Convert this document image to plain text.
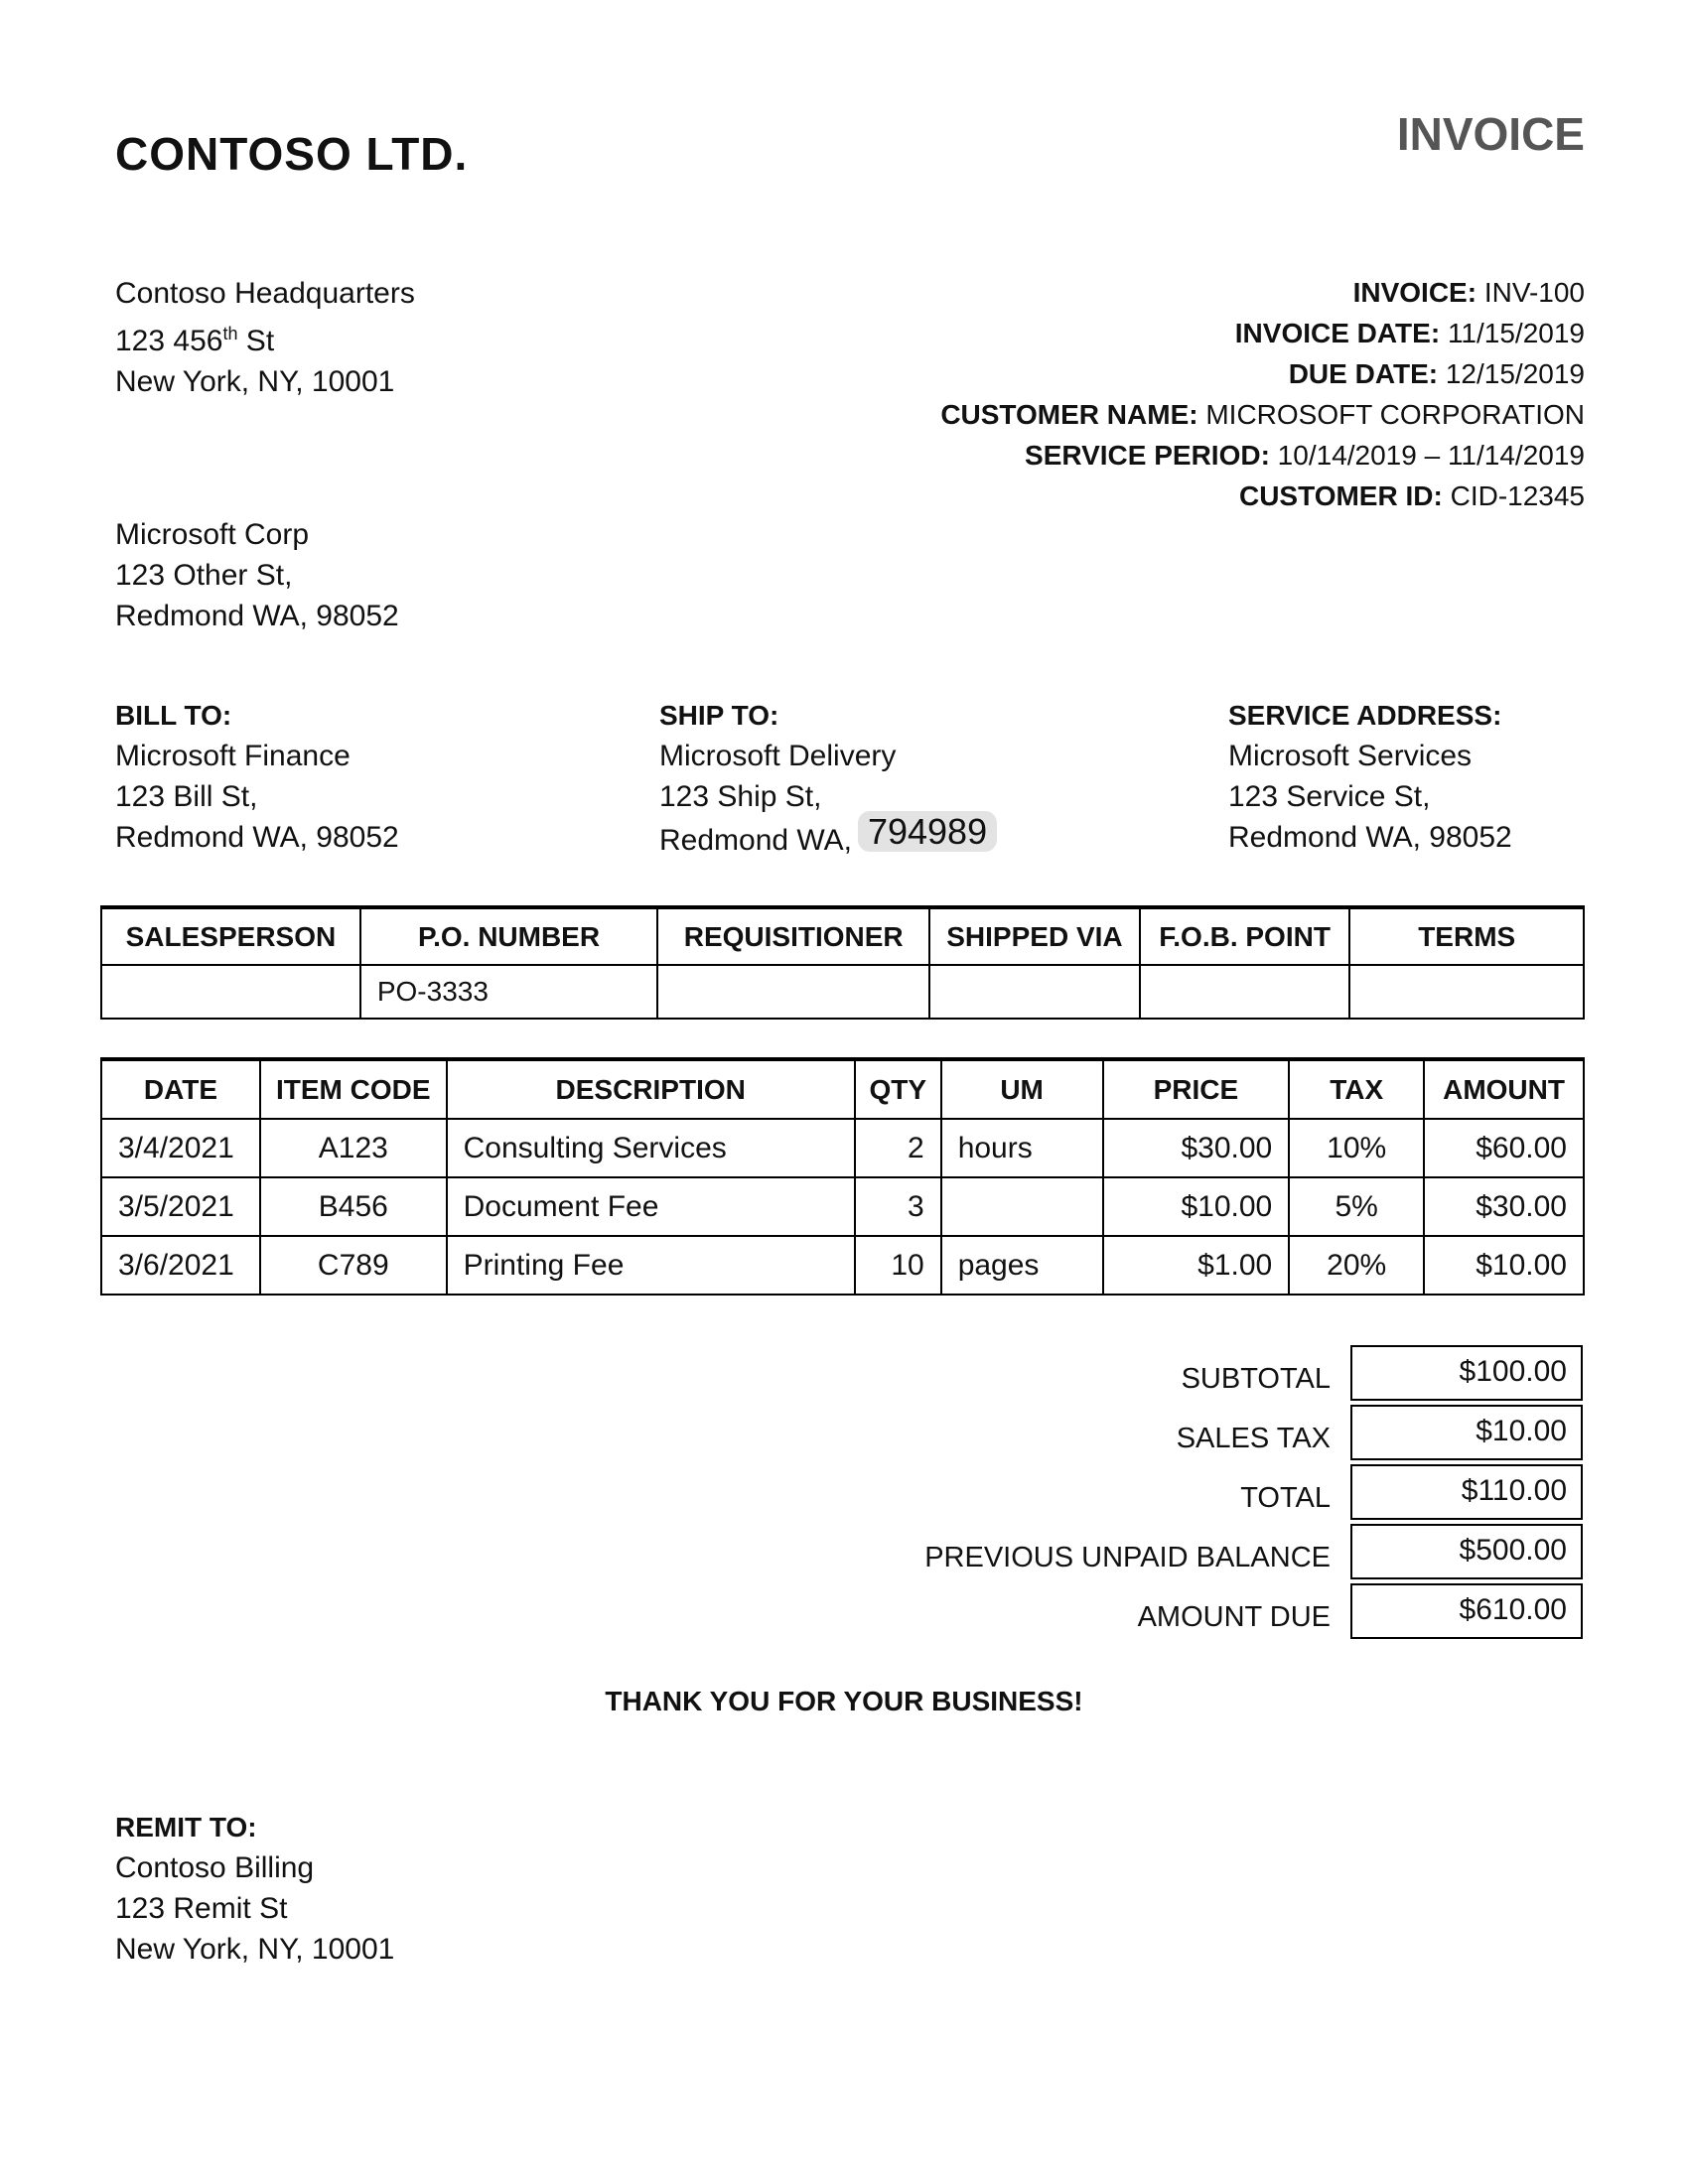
CONTOSO LTD.	INVOICE
Contoso Headquarters
123 456th St
New York, NY, 10001
INVOICE: INV-100
INVOICE DATE: 11/15/2019
DUE DATE: 12/15/2019
CUSTOMER NAME: MICROSOFT CORPORATION
SERVICE PERIOD: 10/14/2019 – 11/14/2019
CUSTOMER ID: CID-12345
Microsoft Corp
123 Other St,
Redmond WA, 98052
BILL TO:
Microsoft Finance
123 Bill St,
Redmond WA, 98052
SHIP TO:
Microsoft Delivery
123 Ship St,
Redmond WA, 794989
SERVICE ADDRESS:
Microsoft Services
123 Service St,
Redmond WA, 98052
SALESPERSON	P.O. NUMBER	REQUISITIONER	SHIPPED VIA	F.O.B. POINT	TERMS
	PO-3333				
DATE	ITEM CODE	DESCRIPTION	QTY	UM	PRICE	TAX	AMOUNT
3/4/2021	A123	Consulting Services	2	hours	$30.00	10%	$60.00
3/5/2021	B456	Document Fee	3		$10.00	5%	$30.00
3/6/2021	C789	Printing Fee	10	pages	$1.00	20%	$10.00
SUBTOTAL	$100.00
SALES TAX	$10.00
TOTAL	$110.00
PREVIOUS UNPAID BALANCE	$500.00
AMOUNT DUE	$610.00
THANK YOU FOR YOUR BUSINESS!
REMIT TO:
Contoso Billing
123 Remit St
New York, NY, 10001
